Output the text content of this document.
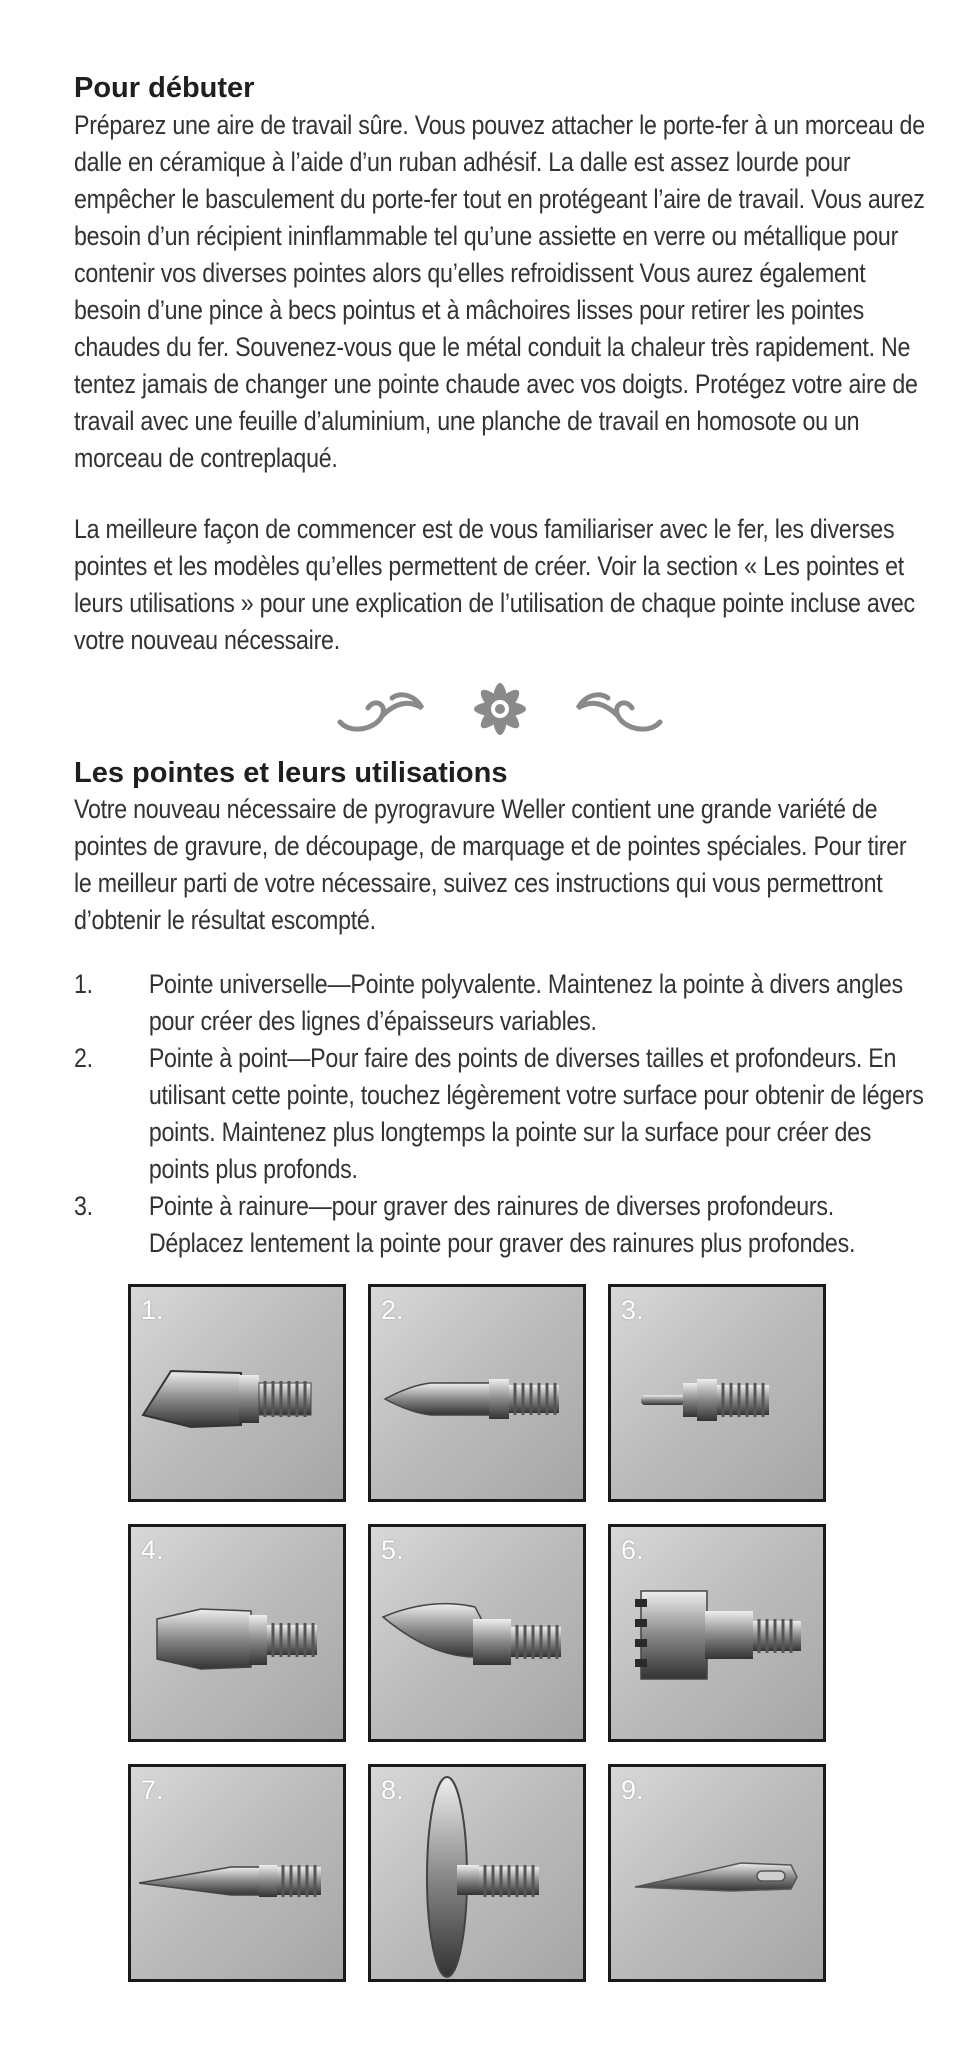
Pour débuter

Préparez une aire de travail sûre. Vous pouvez attacher le porte-fer à un morceau de dalle en céramique à l’aide d’un ruban adhésif. La dalle est assez lourde pour empêcher le basculement du porte-fer tout en protégeant l’aire de travail. Vous aurez besoin d’un récipient ininflammable tel qu’une assiette en verre ou métallique pour contenir vos diverses pointes alors qu’elles refroidissent Vous aurez également besoin d’une pince à becs pointus et à mâchoires lisses pour retirer les pointes chaudes du fer. Souvenez-vous que le métal conduit la chaleur très rapidement. Ne tentez jamais de changer une pointe chaude avec vos doigts. Protégez votre aire de travail avec une feuille d’aluminium, une planche de travail en homosote ou un morceau de contreplaqué.

La meilleure façon de commencer est de vous familiariser avec le fer, les diverses pointes et les modèles qu’elles permettent de créer. Voir la section « Les pointes et leurs utilisations » pour une explication de l’utilisation de chaque pointe incluse avec votre nouveau nécessaire.

Les pointes et leurs utilisations

Votre nouveau nécessaire de pyrogravure Weller contient une grande variété de pointes de gravure, de découpage, de marquage et de pointes spéciales. Pour tirer le meilleur parti de votre nécessaire, suivez ces instructions qui vous permettront d’obtenir le résultat escompté.

1. Pointe universelle—Pointe polyvalente. Maintenez la pointe à divers angles pour créer des lignes d’épaisseurs variables.
2. Pointe à point—Pour faire des points de diverses tailles et profondeurs. En utilisant cette pointe, touchez légèrement votre surface pour obtenir de légers points. Maintenez plus longtemps la pointe sur la surface pour créer des points plus profonds.
3. Pointe à rainure—pour graver des rainures de diverses profondeurs. Déplacez lentement la pointe pour graver des rainures plus profondes.
1.	2.	3.
4.	5.	6.
7.	8.	9.
